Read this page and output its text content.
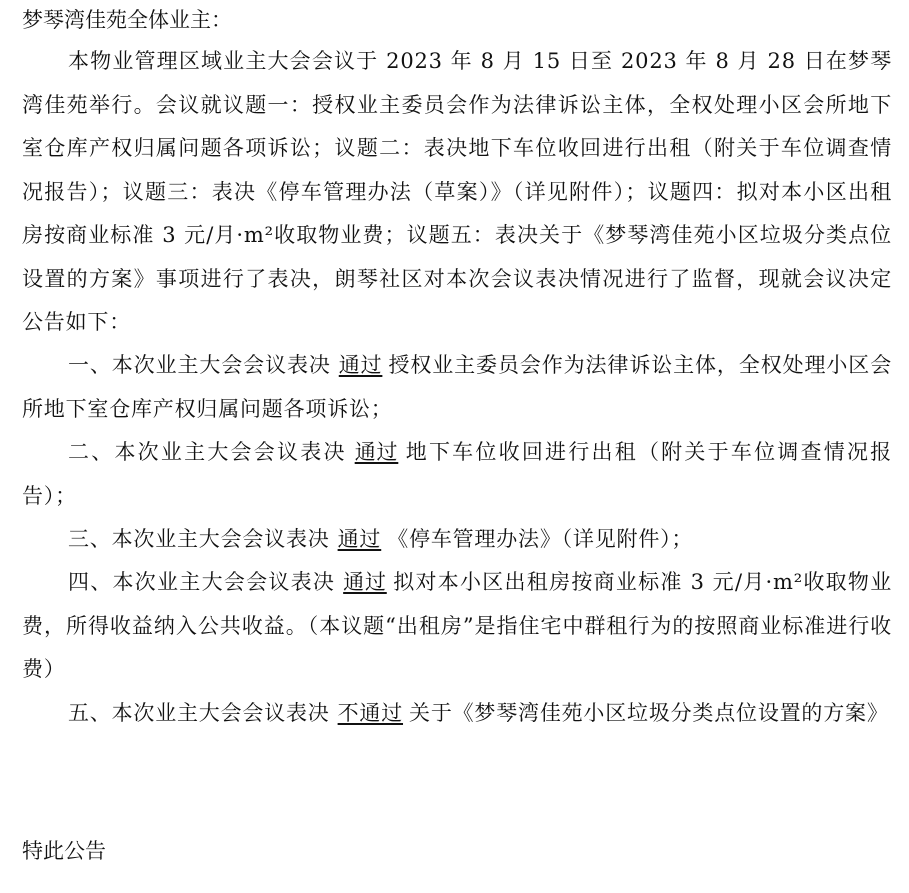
梦琴湾佳苑全体业主：

本物业管理区域业主大会会议于 2023 年 8 月 15 日至 2023 年 8 月 28 日在梦琴湾佳苑举行。会议就议题一：授权业主委员会作为法律诉讼主体，全权处理小区会所地下室仓库产权归属问题各项诉讼；议题二：表决地下车位收回进行出租（附关于车位调查情况报告）；议题三：表决《停车管理办法（草案）》（详见附件）；议题四：拟对本小区出租房按商业标准 3 元/月·m²收取物业费；议题五：表决关于《梦琴湾佳苑小区垃圾分类点位设置的方案》事项进行了表决，朗琴社区对本次会议表决情况进行了监督，现就会议决定公告如下：

一、本次业主大会会议表决 通过 授权业主委员会作为法律诉讼主体，全权处理小区会所地下室仓库产权归属问题各项诉讼；

二、本次业主大会会议表决 通过 地下车位收回进行出租（附关于车位调查情况报告）；

三、本次业主大会会议表决 通过 《停车管理办法》（详见附件）；

四、本次业主大会会议表决 通过 拟对本小区出租房按商业标准 3 元/月·m²收取物业费，所得收益纳入公共收益。（本议题“出租房”是指住宅中群租行为的按照商业标准进行收费）

五、本次业主大会会议表决 不通过 关于《梦琴湾佳苑小区垃圾分类点位设置的方案》

特此公告
